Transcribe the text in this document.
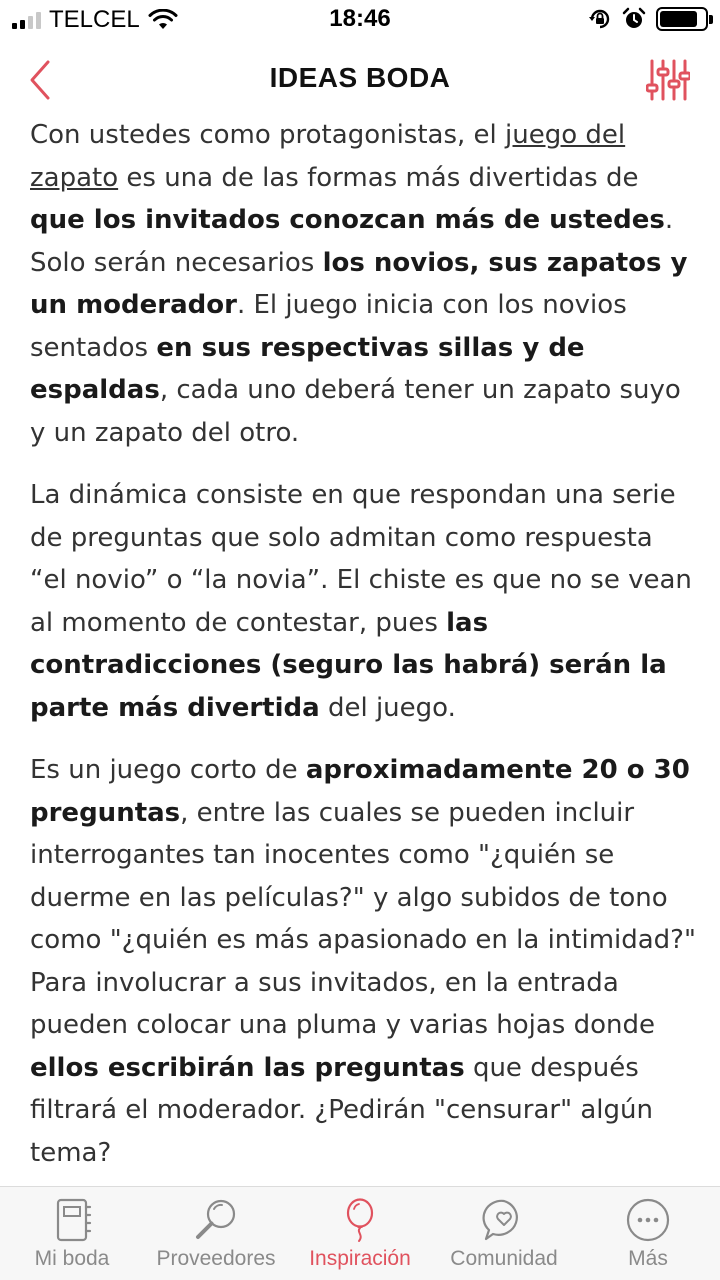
TELCEL	18:46
IDEAS BODA

Con ustedes como protagonistas, el juego del zapato es una de las formas más divertidas de que los invitados conozcan más de ustedes. Solo serán necesarios los novios, sus zapatos y un moderador. El juego inicia con los novios sentados en sus respectivas sillas y de espaldas, cada uno deberá tener un zapato suyo y un zapato del otro.

La dinámica consiste en que respondan una serie de preguntas que solo admitan como respuesta “el novio” o “la novia”. El chiste es que no se vean al momento de contestar, pues las contradicciones (seguro las habrá) serán la parte más divertida del juego.

Es un juego corto de aproximadamente 20 o 30 preguntas, entre las cuales se pueden incluir interrogantes tan inocentes como "¿quién se duerme en las películas?" y algo subidos de tono como "¿quién es más apasionado en la intimidad?" Para involucrar a sus invitados, en la entrada pueden colocar una pluma y varias hojas donde ellos escribirán las preguntas que después filtrará el moderador. ¿Pedirán "censurar" algún tema?

Mi boda Proveedores Inspiración Comunidad	Más
